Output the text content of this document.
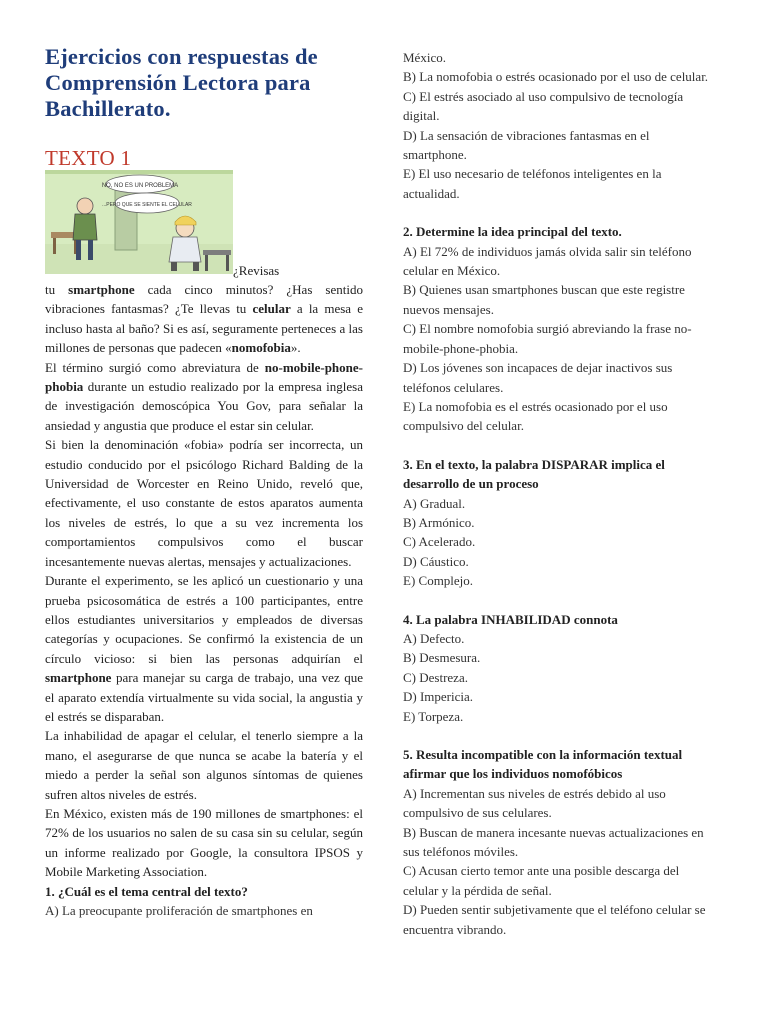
Ejercicios con respuestas de Comprensión Lectora para Bachillerato.
TEXTO 1
NO, NO ES UN PROBLEMA
...PERO QUE SE SIENTE EL CELULAR
¿Revisas

tu smartphone cada cinco minutos? ¿Has sentido vibraciones fantasmas? ¿Te llevas tu celular a la mesa e incluso hasta al baño? Si es así, seguramente perteneces a las millones de personas que padecen «nomofobia».

El término surgió como abreviatura de no-mobile-phone-phobia durante un estudio realizado por la empresa inglesa de investigación demoscópica You Gov, para señalar la ansiedad y angustia que produce el estar sin celular.

Si bien la denominación «fobia» podría ser incorrecta, un estudio conducido por el psicólogo Richard Balding de la Universidad de Worcester en Reino Unido, reveló que, efectivamente, el uso constante de estos aparatos aumenta los niveles de estrés, lo que a su vez incrementa los comportamientos compulsivos como el buscar incesantemente nuevas alertas, mensajes y actualizaciones.

Durante el experimento, se les aplicó un cuestionario y una prueba psicosomática de estrés a 100 participantes, entre ellos estudiantes universitarios y empleados de diversas categorías y ocupaciones. Se confirmó la existencia de un círculo vicioso: si bien las personas adquirían el smartphone para manejar su carga de trabajo, una vez que el aparato extendía virtualmente su vida social, la angustia y el estrés se disparaban.

La inhabilidad de apagar el celular, el tenerlo siempre a la mano, el asegurarse de que nunca se acabe la batería y el miedo a perder la señal son algunos síntomas de quienes sufren altos niveles de estrés.

En México, existen más de 190 millones de smartphones: el 72% de los usuarios no salen de su casa sin su celular, según un informe realizado por Google, la consultora IPSOS y Mobile Marketing Association.

1. ¿Cuál es el tema central del texto?

A) La preocupante proliferación de smartphones en

México.

B) La nomofobia o estrés ocasionado por el uso de celular.

C) El estrés asociado al uso compulsivo de tecnología digital.

D) La sensación de vibraciones fantasmas en el smartphone.

E) El uso necesario de teléfonos inteligentes en la actualidad.

2. Determine la idea principal del texto.

A) El 72% de individuos jamás olvida salir sin teléfono celular en México.

B) Quienes usan smartphones buscan que este registre nuevos mensajes.

C) El nombre nomofobia surgió abreviando la frase no-mobile-phone-phobia.

D) Los jóvenes son incapaces de dejar inactivos sus teléfonos celulares.

E) La nomofobia es el estrés ocasionado por el uso compulsivo del celular.

3. En el texto, la palabra DISPARAR implica el desarrollo de un proceso

A) Gradual.

B) Armónico.

C) Acelerado.

D) Cáustico.

E) Complejo.

4. La palabra INHABILIDAD connota

A) Defecto.

B) Desmesura.

C) Destreza.

D) Impericia.

E) Torpeza.

5. Resulta incompatible con la información textual afirmar que los individuos nomofóbicos

A) Incrementan sus niveles de estrés debido al uso compulsivo de sus celulares.

B) Buscan de manera incesante nuevas actualizaciones en sus teléfonos móviles.

C) Acusan cierto temor ante una posible descarga del celular y la pérdida de señal.

D) Pueden sentir subjetivamente que el teléfono celular se encuentra vibrando.
